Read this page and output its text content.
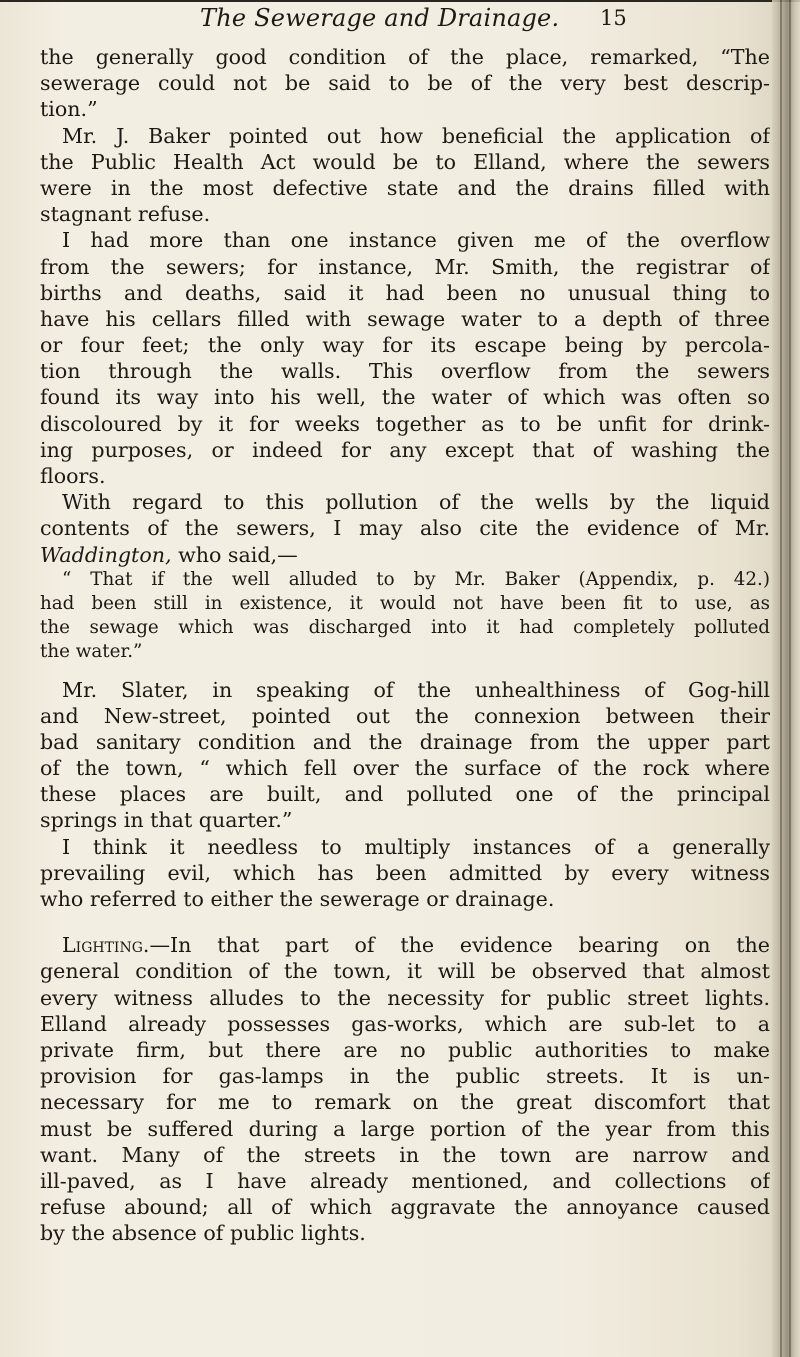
The Sewerage and Drainage. 15
the generally good condition of the place, remarked, “The
sewerage could not be said to be of the very best descrip-
tion.”
Mr. J. Baker pointed out how beneficial the application of
the Public Health Act would be to Elland, where the sewers
were in the most defective state and the drains filled with
stagnant refuse.
I had more than one instance given me of the overflow
from the sewers; for instance, Mr. Smith, the registrar of
births and deaths, said it had been no unusual thing to
have his cellars filled with sewage water to a depth of three
or four feet; the only way for its escape being by percola-
tion through the walls. This overflow from the sewers
found its way into his well, the water of which was often so
discoloured by it for weeks together as to be unfit for drink-
ing purposes, or indeed for any except that of washing the
floors.
With regard to this pollution of the wells by the liquid
contents of the sewers, I may also cite the evidence of Mr.
Waddington, who said,—
“ That if the well alluded to by Mr. Baker (Appendix, p. 42.)
had been still in existence, it would not have been fit to use, as
the sewage which was discharged into it had completely polluted
the water.”
Mr. Slater, in speaking of the unhealthiness of Gog-hill
and New-street, pointed out the connexion between their
bad sanitary condition and the drainage from the upper part
of the town, “ which fell over the surface of the rock where
these places are built, and polluted one of the principal
springs in that quarter.”
I think it needless to multiply instances of a generally
prevailing evil, which has been admitted by every witness
who referred to either the sewerage or drainage.
Lighting.—In that part of the evidence bearing on the
general condition of the town, it will be observed that almost
every witness alludes to the necessity for public street lights.
Elland already possesses gas-works, which are sub-let to a
private firm, but there are no public authorities to make
provision for gas-lamps in the public streets. It is un-
necessary for me to remark on the great discomfort that
must be suffered during a large portion of the year from this
want. Many of the streets in the town are narrow and
ill-paved, as I have already mentioned, and collections of
refuse abound; all of which aggravate the annoyance caused
by the absence of public lights.
